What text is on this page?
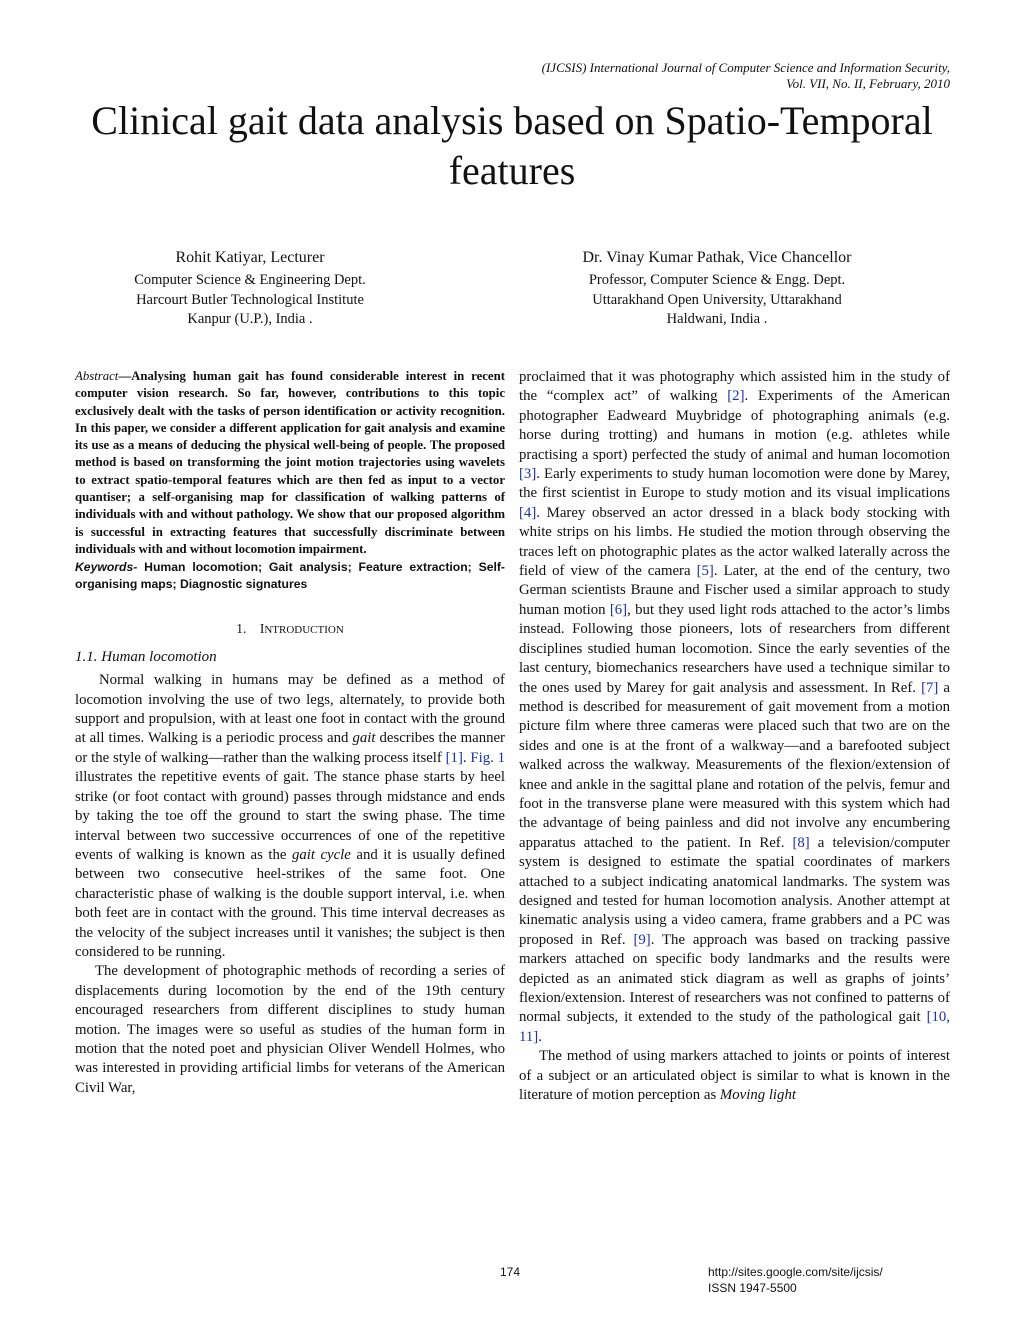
(IJCSIS) International Journal of Computer Science and Information Security,
Vol. VII, No. II, February, 2010
Clinical gait data analysis based on Spatio-Temporal
features
Rohit Katiyar, Lecturer
Computer Science & Engineering Dept.
Harcourt Butler Technological Institute
Kanpur (U.P.), India .
Dr. Vinay Kumar Pathak, Vice Chancellor
Professor, Computer Science & Engg. Dept.
Uttarakhand Open University, Uttarakhand
Haldwani, India .
Abstract—Analysing human gait has found considerable interest in recent computer vision research. So far, however, contributions to this topic exclusively dealt with the tasks of person identification or activity recognition. In this paper, we consider a different application for gait analysis and examine its use as a means of deducing the physical well-being of people. The proposed method is based on transforming the joint motion trajectories using wavelets to extract spatio-temporal features which are then fed as input to a vector quantiser; a self-organising map for classification of walking patterns of individuals with and without pathology. We show that our proposed algorithm is successful in extracting features that successfully discriminate between individuals with and without locomotion impairment.
Keywords- Human locomotion; Gait analysis; Feature extraction; Self-organising maps; Diagnostic signatures
1. INTRODUCTION
1.1. Human locomotion

Normal walking in humans may be defined as a method of locomotion involving the use of two legs, alternately, to provide both support and propulsion, with at least one foot in contact with the ground at all times. Walking is a periodic process and gait describes the manner or the style of walking—rather than the walking process itself [1]. Fig. 1 illustrates the repetitive events of gait. The stance phase starts by heel strike (or foot contact with ground) passes through midstance and ends by taking the toe off the ground to start the swing phase. The time interval between two successive occurrences of one of the repetitive events of walking is known as the gait cycle and it is usually defined between two consecutive heel-strikes of the same foot. One characteristic phase of walking is the double support interval, i.e. when both feet are in contact with the ground. This time interval decreases as the velocity of the subject increases until it vanishes; the subject is then considered to be running.

The development of photographic methods of recording a series of displacements during locomotion by the end of the 19th century encouraged researchers from different disciplines to study human motion. The images were so useful as studies of the human form in motion that the noted poet and physician Oliver Wendell Holmes, who was interested in providing artificial limbs for veterans of the American Civil War,

proclaimed that it was photography which assisted him in the study of the “complex act” of walking [2]. Experiments of the American photographer Eadweard Muybridge of photographing animals (e.g. horse during trotting) and humans in motion (e.g. athletes while practising a sport) perfected the study of animal and human locomotion [3]. Early experiments to study human locomotion were done by Marey, the first scientist in Europe to study motion and its visual implications [4]. Marey observed an actor dressed in a black body stocking with white strips on his limbs. He studied the motion through observing the traces left on photographic plates as the actor walked laterally across the field of view of the camera [5]. Later, at the end of the century, two German scientists Braune and Fischer used a similar approach to study human motion [6], but they used light rods attached to the actor’s limbs instead. Following those pioneers, lots of researchers from different disciplines studied human locomotion. Since the early seventies of the last century, biomechanics researchers have used a technique similar to the ones used by Marey for gait analysis and assessment. In Ref. [7] a method is described for measurement of gait movement from a motion picture film where three cameras were placed such that two are on the sides and one is at the front of a walkway—and a barefooted subject walked across the walkway. Measurements of the flexion/extension of knee and ankle in the sagittal plane and rotation of the pelvis, femur and foot in the transverse plane were measured with this system which had the advantage of being painless and did not involve any encumbering apparatus attached to the patient. In Ref. [8] a television/computer system is designed to estimate the spatial coordinates of markers attached to a subject indicating anatomical landmarks. The system was designed and tested for human locomotion analysis. Another attempt at kinematic analysis using a video camera, frame grabbers and a PC was proposed in Ref. [9]. The approach was based on tracking passive markers attached on specific body landmarks and the results were depicted as an animated stick diagram as well as graphs of joints’ flexion/extension. Interest of researchers was not confined to patterns of normal subjects, it extended to the study of the pathological gait [10, 11].

The method of using markers attached to joints or points of interest of a subject or an articulated object is similar to what is known in the literature of motion perception as Moving light

174	http://sites.google.com/site/ijcsis/
ISSN 1947-5500
